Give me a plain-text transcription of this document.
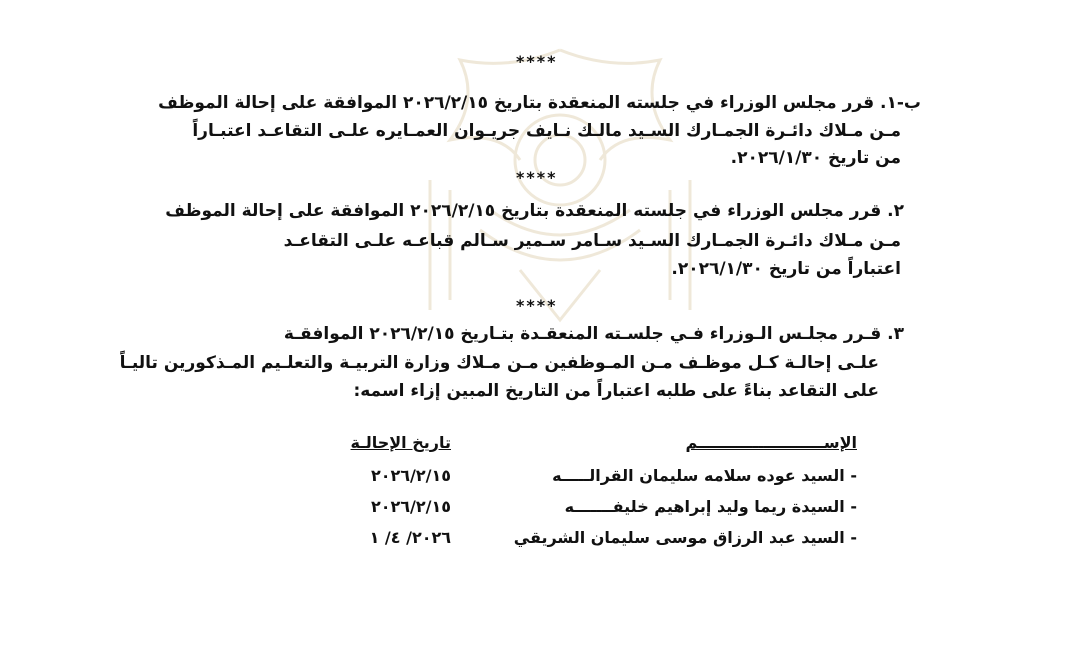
****
ب-١. قرر مجلس الوزراء في جلسته المنعقدة بتاريخ ٢٠٢٦/٢/١٥ الموافقة على إحالة الموظف
مـن مـلاك دائـرة الجمـارك السـيد مالـك نـايف جريـوان العمـايره علـى التقاعـد اعتبـاراً
من تاريخ ٢٠٢٦/١/٣٠.
****
٢. قرر مجلس الوزراء في جلسته المنعقدة بتاريخ ٢٠٢٦/٢/١٥ الموافقة على إحالة الموظف
مـن مـلاك دائـرة الجمـارك السـيد سـامر سـمير سـالم قباعـه علـى التقاعـد
اعتباراً من تاريخ ٢٠٢٦/١/٣٠.
****
٣. قـرر مجلـس الـوزراء فـي جلسـته المنعقـدة بتـاريخ ٢٠٢٦/٢/١٥ الموافقـة
علـى إحالـة كـل موظـف مـن المـوظفين مـن مـلاك وزارة التربيـة والتعلـيم المـذكورين تاليـاً
على التقاعد بناءً على طلبه اعتباراً من التاريخ المبين إزاء اسمه:
الإســـــــــــــــــــــــم
تاريخ الإحالـة
- السيد عوده سلامه سليمان القرالـــــه
٢٠٢٦/٢/١٥
- السيدة ريما وليد إبراهيم خليفـــــــه
٢٠٢٦/٢/١٥
- السيد عبد الرزاق موسى سليمان الشريقي
٢٠٢٦/ ٤/ ١
